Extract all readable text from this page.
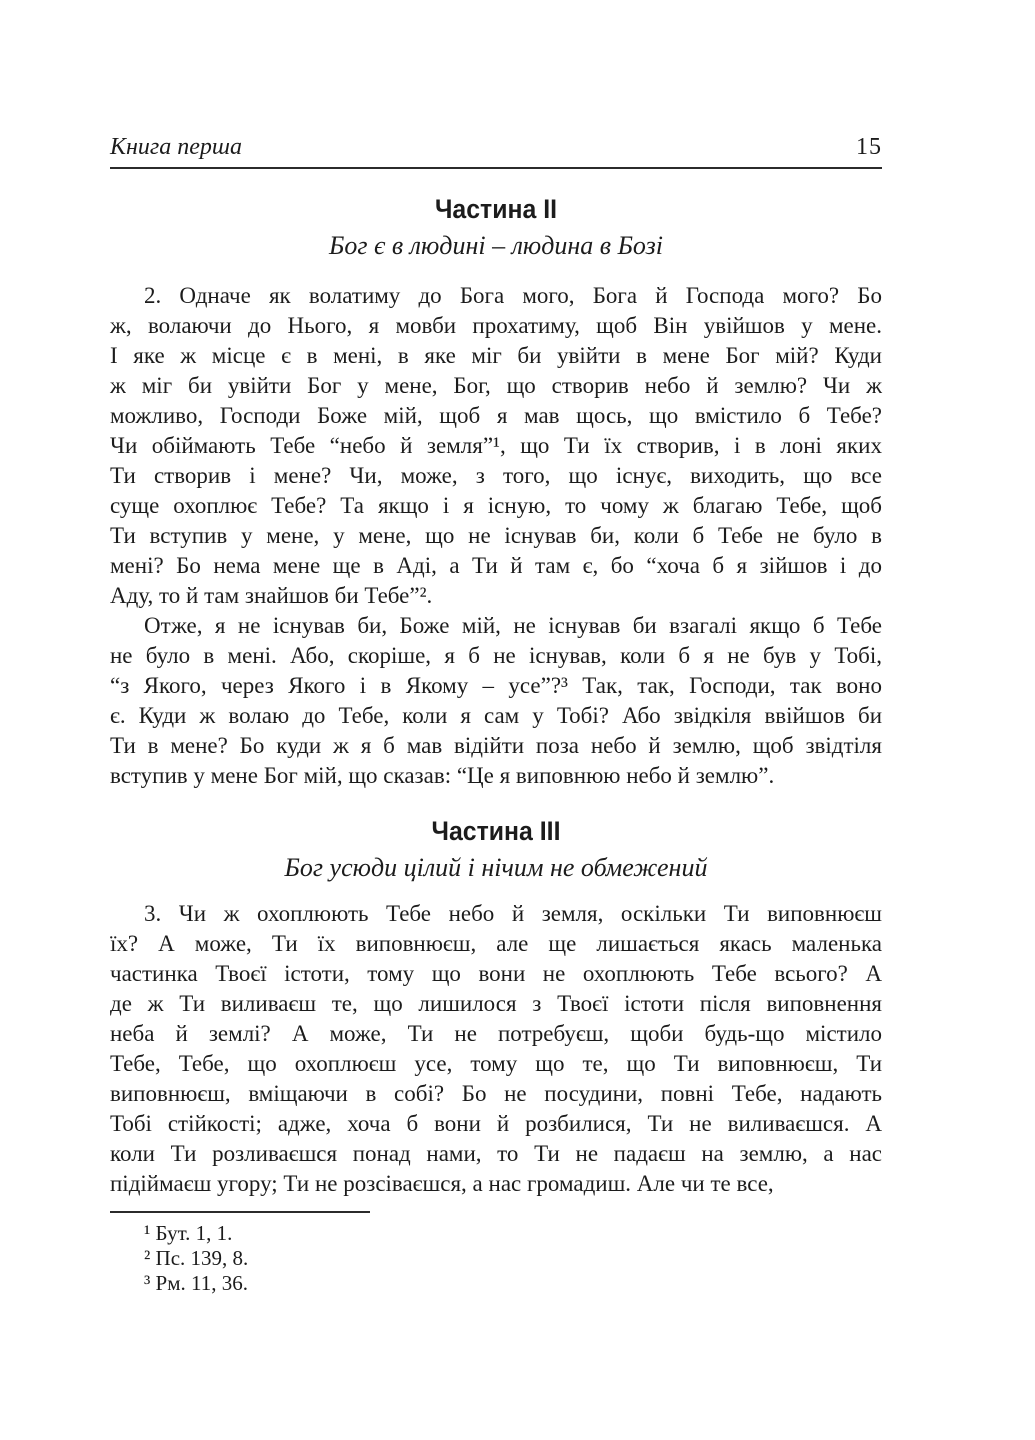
Книга перша	15
Частина II
Бог є в людині – людина в Бозі
2. Одначе як волатиму до Бога мого, Бога й Господа мого? Бо
ж, волаючи до Нього, я мовби прохатиму, щоб Він увійшов у мене.
І яке ж місце є в мені, в яке міг би увійти в мене Бог мій? Куди
ж міг би увійти Бог у мене, Бог, що створив небо й землю? Чи ж
можливо, Господи Боже мій, щоб я мав щось, що вмістило б Тебе?
Чи обіймають Тебе “небо й земля”¹, що Ти їх створив, і в лоні яких
Ти створив і мене? Чи, може, з того, що існує, виходить, що все
суще охоплює Тебе? Та якщо і я існую, то чому ж благаю Тебе, щоб
Ти вступив у мене, у мене, що не існував би, коли б Тебе не було в
мені? Бо нема мене ще в Аді, а Ти й там є, бо “хоча б я зійшов і до
Аду, то й там знайшов би Тебе”².
Отже, я не існував би, Боже мій, не існував би взагалі якщо б Тебе
не було в мені. Або, скоріше, я б не існував, коли б я не був у Тобі,
“з Якого, через Якого і в Якому – усе”?³ Так, так, Господи, так воно
є. Куди ж волаю до Тебе, коли я сам у Тобі? Або звідкіля ввійшов би
Ти в мене? Бо куди ж я б мав відійти поза небо й землю, щоб звідтіля
вступив у мене Бог мій, що сказав: “Це я виповнюю небо й землю”.
Частина III
Бог усюди цілий і нічим не обмежений
3. Чи ж охоплюють Тебе небо й земля, оскільки Ти виповнюєш
їх? А може, Ти їх виповнюєш, але ще лишається якась маленька
частинка Твоєї істоти, тому що вони не охоплюють Тебе всього? А
де ж Ти виливаєш те, що лишилося з Твоєї істоти після виповнення
неба й землі? А може, Ти не потребуєш, щоби будь-що містило
Тебе, Тебе, що охоплюєш усе, тому що те, що Ти виповнюєш, Ти
виповнюєш, вміщаючи в собі? Бо не посудини, повні Тебе, надають
Тобі стійкості; адже, хоча б вони й розбилися, Ти не виливаєшся. А
коли Ти розливаєшся понад нами, то Ти не падаєш на землю, а нас
підіймаєш угору; Ти не розсіваєшся, а нас громадиш. Але чи те все,
¹ Бут. 1, 1.
² Пс. 139, 8.
³ Рм. 11, 36.
